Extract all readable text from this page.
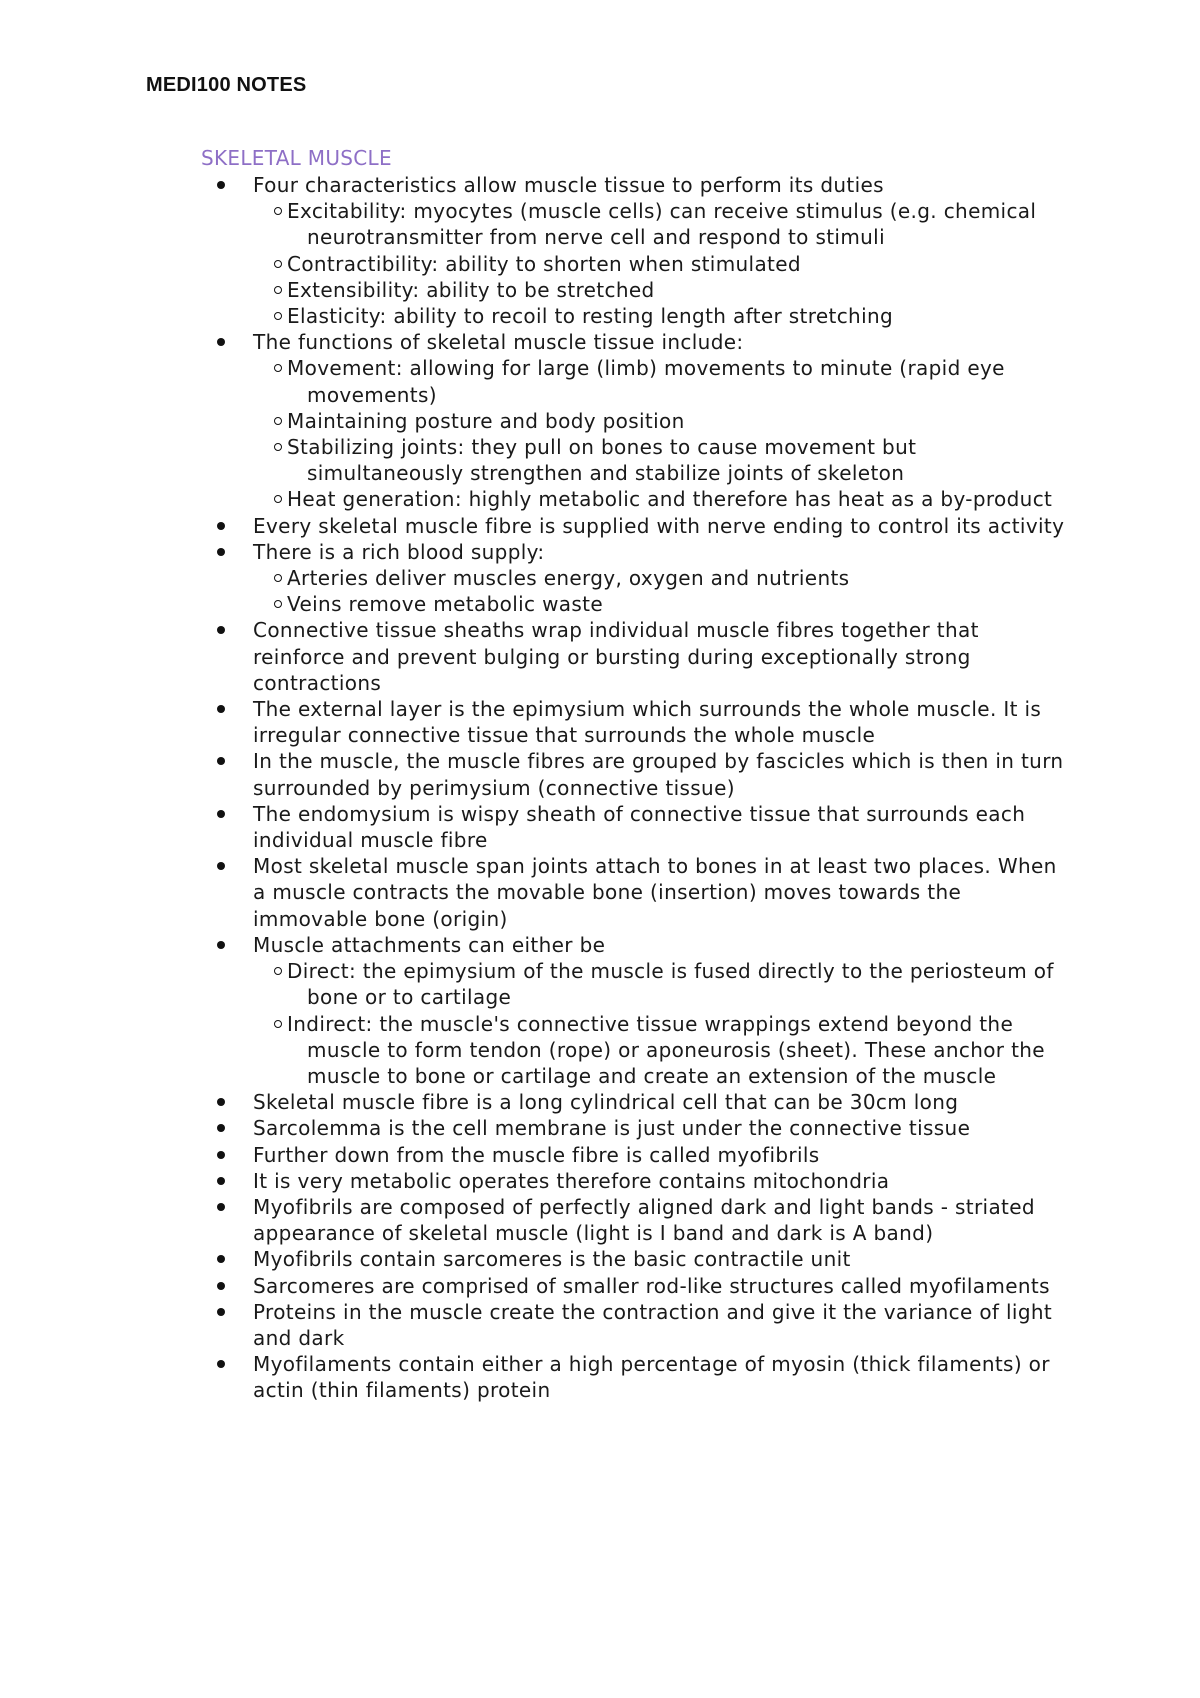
MEDI100 NOTES
SKELETAL MUSCLE
Four characteristics allow muscle tissue to perform its duties
Excitability: myocytes (muscle cells) can receive stimulus (e.g. chemical neurotransmitter from nerve cell and respond to stimuli
Contractibility: ability to shorten when stimulated
Extensibility: ability to be stretched
Elasticity: ability to recoil to resting length after stretching
The functions of skeletal muscle tissue include:
Movement: allowing for large (limb) movements to minute (rapid eye movements)
Maintaining posture and body position
Stabilizing joints: they pull on bones to cause movement but simultaneously strengthen and stabilize joints of skeleton
Heat generation: highly metabolic and therefore has heat as a by-product
Every skeletal muscle fibre is supplied with nerve ending to control its activity
There is a rich blood supply:
Arteries deliver muscles energy, oxygen and nutrients
Veins remove metabolic waste
Connective tissue sheaths wrap individual muscle fibres together that reinforce and prevent bulging or bursting during exceptionally strong contractions
The external layer is the epimysium which surrounds the whole muscle. It is irregular connective tissue that surrounds the whole muscle
In the muscle, the muscle fibres are grouped by fascicles which is then in turn surrounded by perimysium (connective tissue)
The endomysium is wispy sheath of connective tissue that surrounds each individual muscle fibre
Most skeletal muscle span joints attach to bones in at least two places. When a muscle contracts the movable bone (insertion) moves towards the immovable bone (origin)
Muscle attachments can either be
Direct: the epimysium of the muscle is fused directly to the periosteum of bone or to cartilage
Indirect: the muscle's connective tissue wrappings extend beyond the muscle to form tendon (rope) or aponeurosis (sheet). These anchor the muscle to bone or cartilage and create an extension of the muscle
Skeletal muscle fibre is a long cylindrical cell that can be 30cm long
Sarcolemma is the cell membrane is just under the connective tissue
Further down from the muscle fibre is called myofibrils
It is very metabolic operates therefore contains mitochondria
Myofibrils are composed of perfectly aligned dark and light bands - striated appearance of skeletal muscle (light is I band and dark is A band)
Myofibrils contain sarcomeres is the basic contractile unit
Sarcomeres are comprised of smaller rod-like structures called myofilaments
Proteins in the muscle create the contraction and give it the variance of light and dark
Myofilaments contain either a high percentage of myosin (thick filaments) or actin (thin filaments) protein
